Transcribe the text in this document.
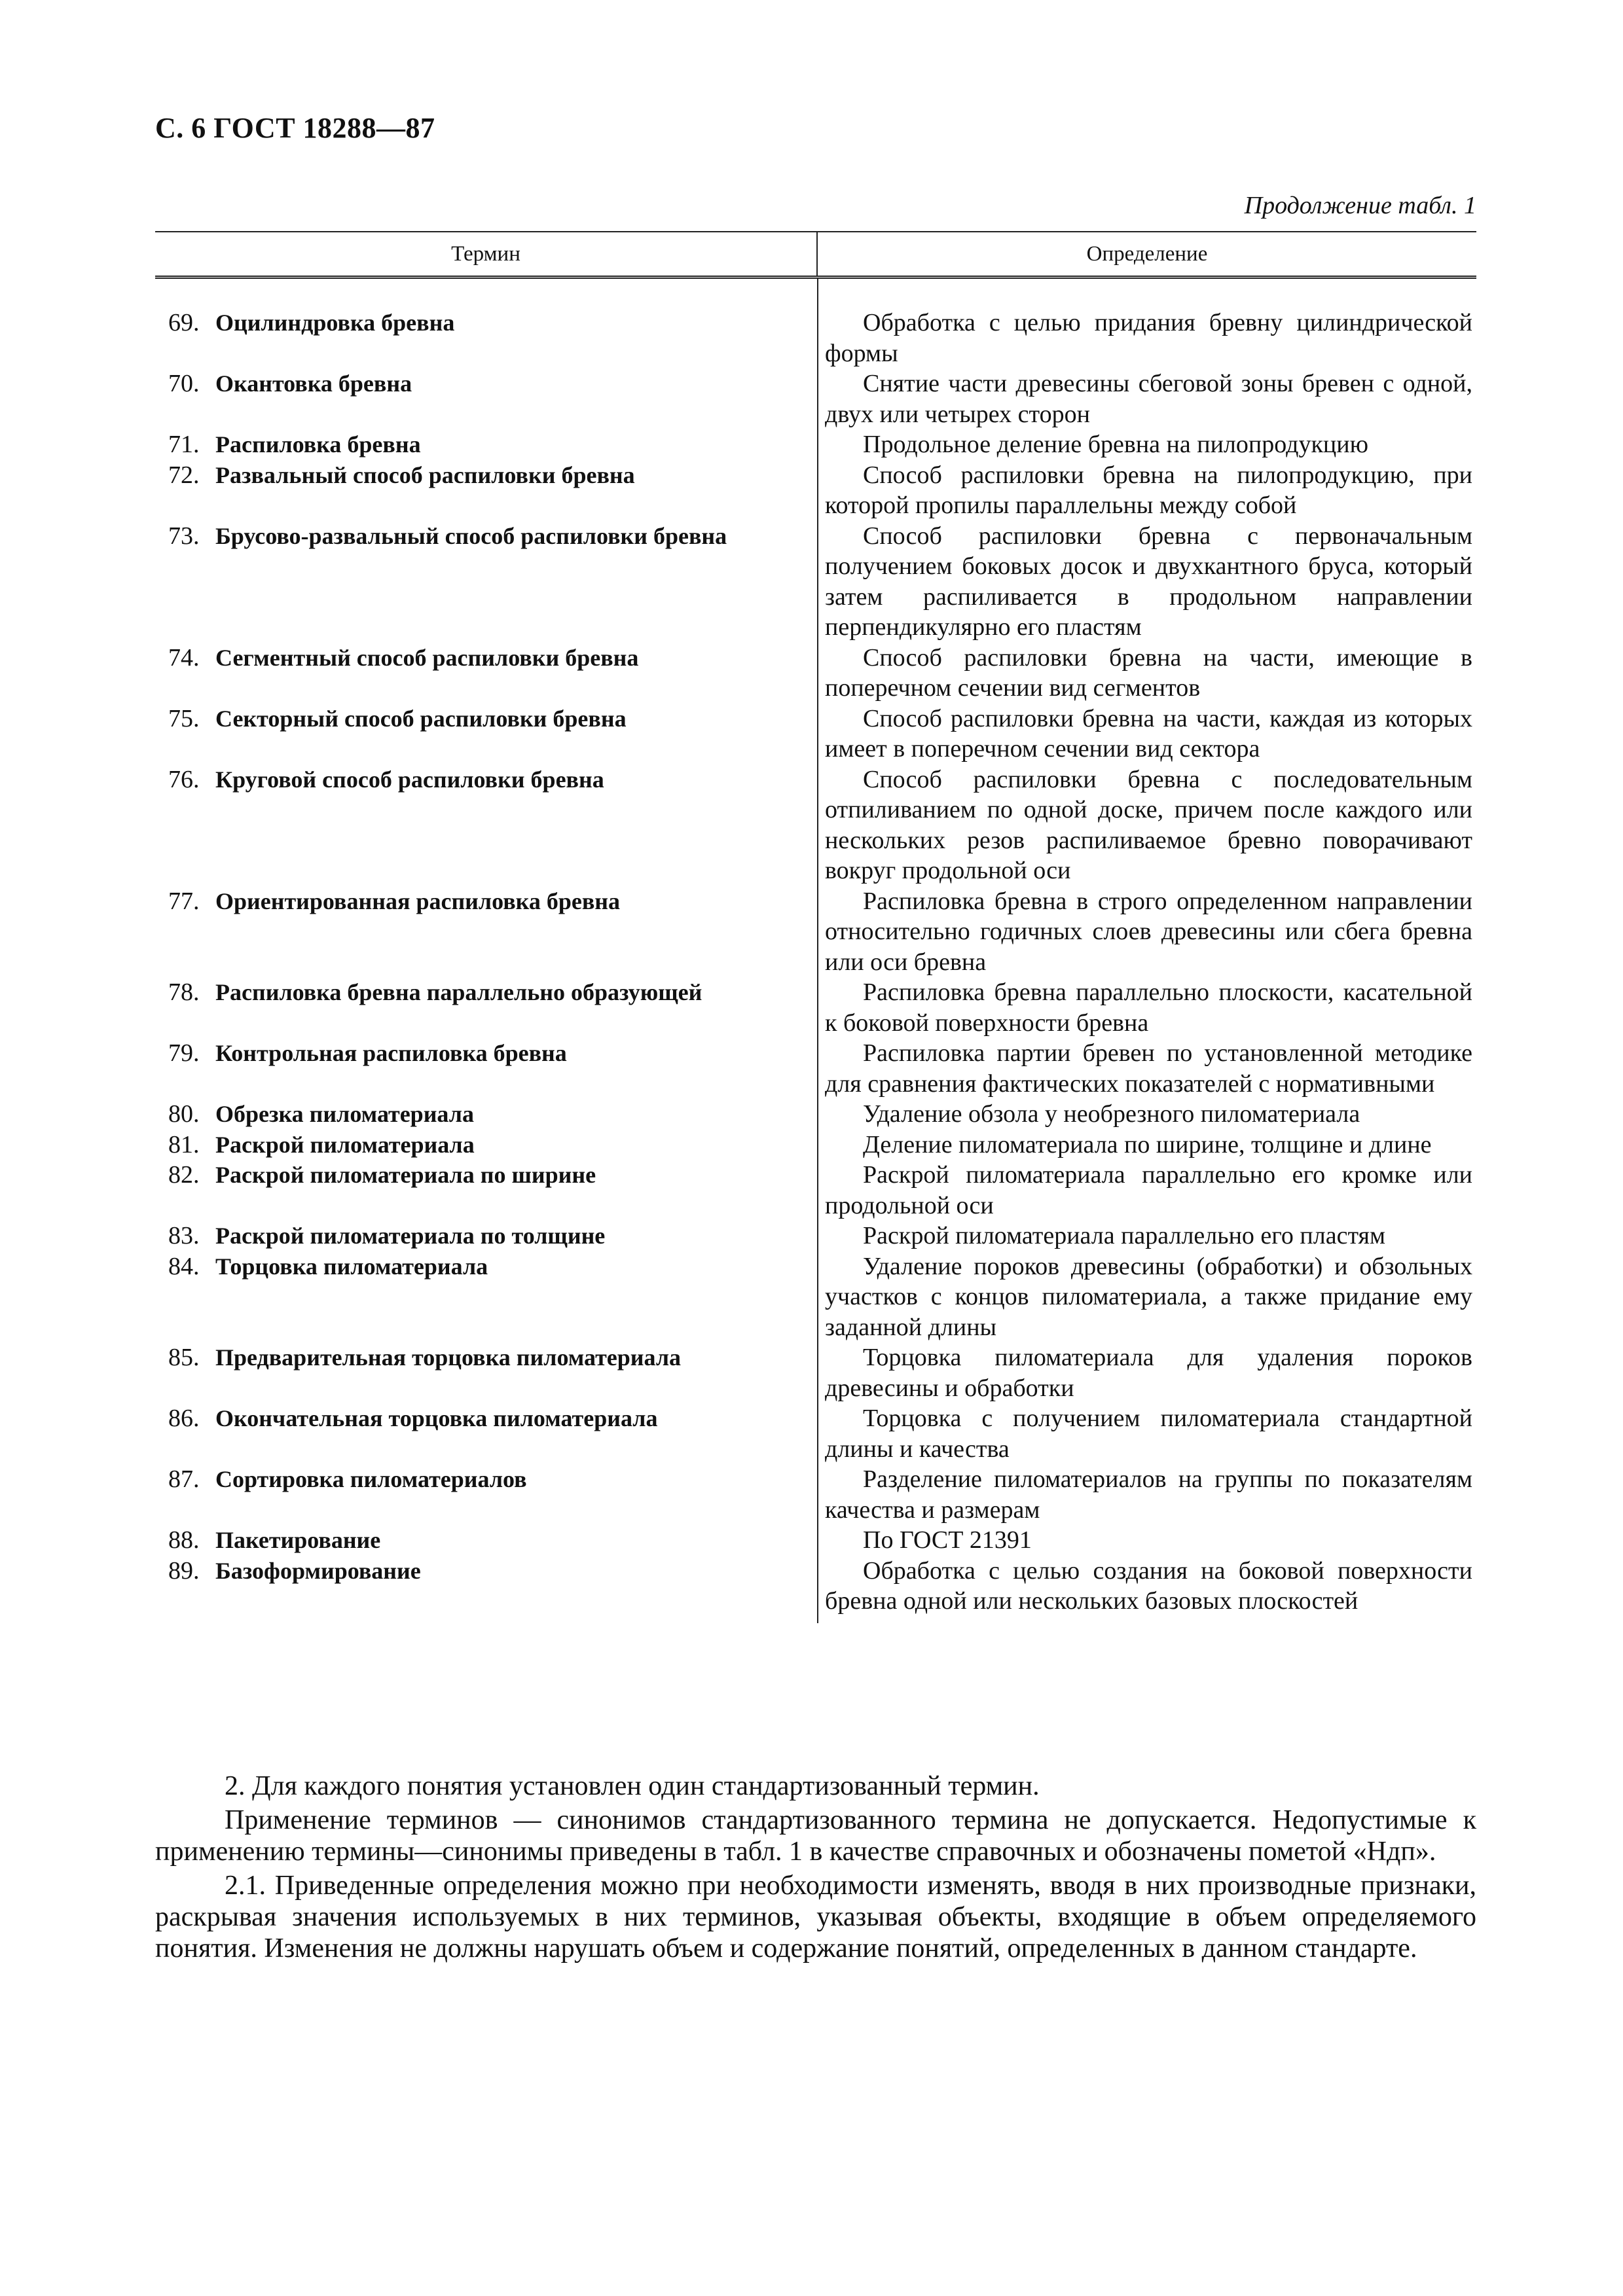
С. 6 ГОСТ 18288—87
Продолжение табл. 1
Термин	Определение
69. Оцилиндровка бревна	Обработка с целью придания бревну цилиндрической формы
70. Окантовка бревна	Снятие части древесины сбеговой зоны бревен с одной, двух или четырех сторон
71. Распиловка бревна	Продольное деление бревна на пилопродукцию
72. Развальный способ распиловки бревна	Способ распиловки бревна на пилопродукцию, при которой пропилы параллельны между собой
73. Брусово-развальный способ распиловки бревна	Способ распиловки бревна с первоначальным получением боковых досок и двухкантного бруса, который затем распиливается в продольном направлении перпендикулярно его пластям
74. Сегментный способ распиловки бревна	Способ распиловки бревна на части, имеющие в поперечном сечении вид сегментов
75. Секторный способ распиловки бревна	Способ распиловки бревна на части, каждая из которых имеет в поперечном сечении вид сектора
76. Круговой способ распиловки бревна	Способ распиловки бревна с последовательным отпиливанием по одной доске, причем после каждого или нескольких резов распиливаемое бревно поворачивают вокруг продольной оси
77. Ориентированная распиловка бревна	Распиловка бревна в строго определенном направлении относительно годичных слоев древесины или сбега бревна или оси бревна
78. Распиловка бревна параллельно образующей	Распиловка бревна параллельно плоскости, касательной к боковой поверхности бревна
79. Контрольная распиловка бревна	Распиловка партии бревен по установленной методике для сравнения фактических показателей с нормативными
80. Обрезка пиломатериала	Удаление обзола у необрезного пиломатериала
81. Раскрой пиломатериала	Деление пиломатериала по ширине, толщине и длине
82. Раскрой пиломатериала по ширине	Раскрой пиломатериала параллельно его кромке или продольной оси
83. Раскрой пиломатериала по толщине	Раскрой пиломатериала параллельно его пластям
84. Торцовка пиломатериала	Удаление пороков древесины (обработки) и обзольных участков с концов пиломатериала, а также придание ему заданной длины
85. Предварительная торцовка пиломатериала	Торцовка пиломатериала для удаления пороков древесины и обработки
86. Окончательная торцовка пиломатериала	Торцовка с получением пиломатериала стандартной длины и качества
87. Сортировка пиломатериалов	Разделение пиломатериалов на группы по показателям качества и размерам
88. Пакетирование	По ГОСТ 21391
89. Базоформирование	Обработка с целью создания на боковой поверхности бревна одной или нескольких базовых плоскостей

2. Для каждого понятия установлен один стандартизованный термин.

Применение терминов — синонимов стандартизованного термина не допускается. Недопустимые к применению термины—синонимы приведены в табл. 1 в качестве справочных и обозначены пометой «Ндп».

2.1. Приведенные определения можно при необходимости изменять, вводя в них производные признаки, раскрывая значения используемых в них терминов, указывая объекты, входящие в объем определяемого понятия. Изменения не должны нарушать объем и содержание понятий, определенных в данном стандарте.
